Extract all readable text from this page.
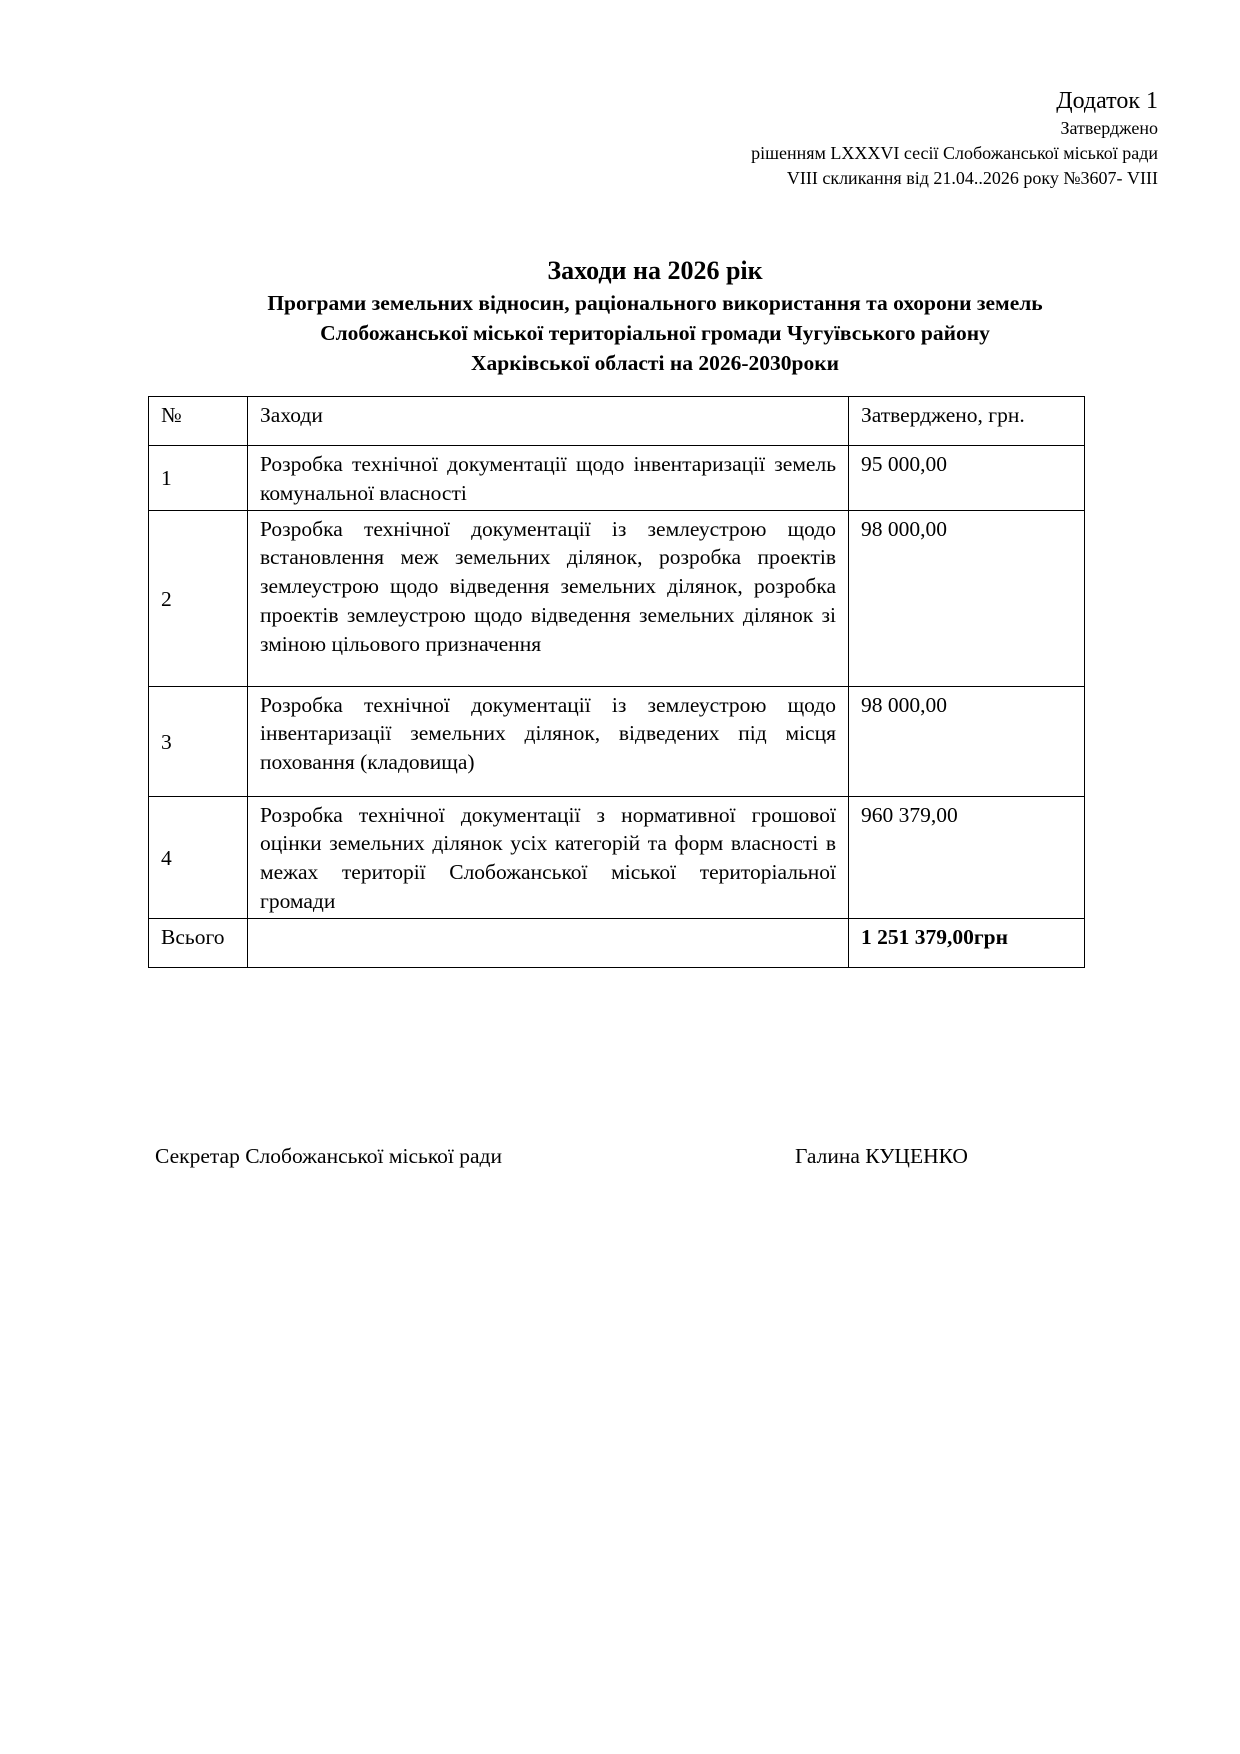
Додаток 1
Затверджено
рішенням LXXXVI сесії Слобожанської міської ради
VIII скликання від 21.04..2026 року №3607- VIII
Заходи на 2026 рік
Програми земельних відносин, раціонального використання та охорони земель
Слобожанської міської територіальної громади Чугуївського району
Харківської області на 2026-2030роки
№	Заходи	Затверджено, грн.
1	Розробка технічної документації щодо інвентаризації земель комунальної власності	95 000,00
2	Розробка технічної документації із землеустрою щодо встановлення меж земельних ділянок, розробка проектів землеустрою щодо відведення земельних ділянок, розробка проектів землеустрою щодо відведення земельних ділянок зі зміною цільового призначення	98 000,00
3	Розробка технічної документації із землеустрою щодо інвентаризації земельних ділянок, відведених під місця поховання (кладовища)	98 000,00
4	Розробка технічної документації з нормативної грошової оцінки земельних ділянок усіх категорій та форм власності в межах території Слобожанської міської територіальної громади	960 379,00
Всього		1 251 379,00грн
Секретар Слобожанської міської ради	Галина КУЦЕНКО
